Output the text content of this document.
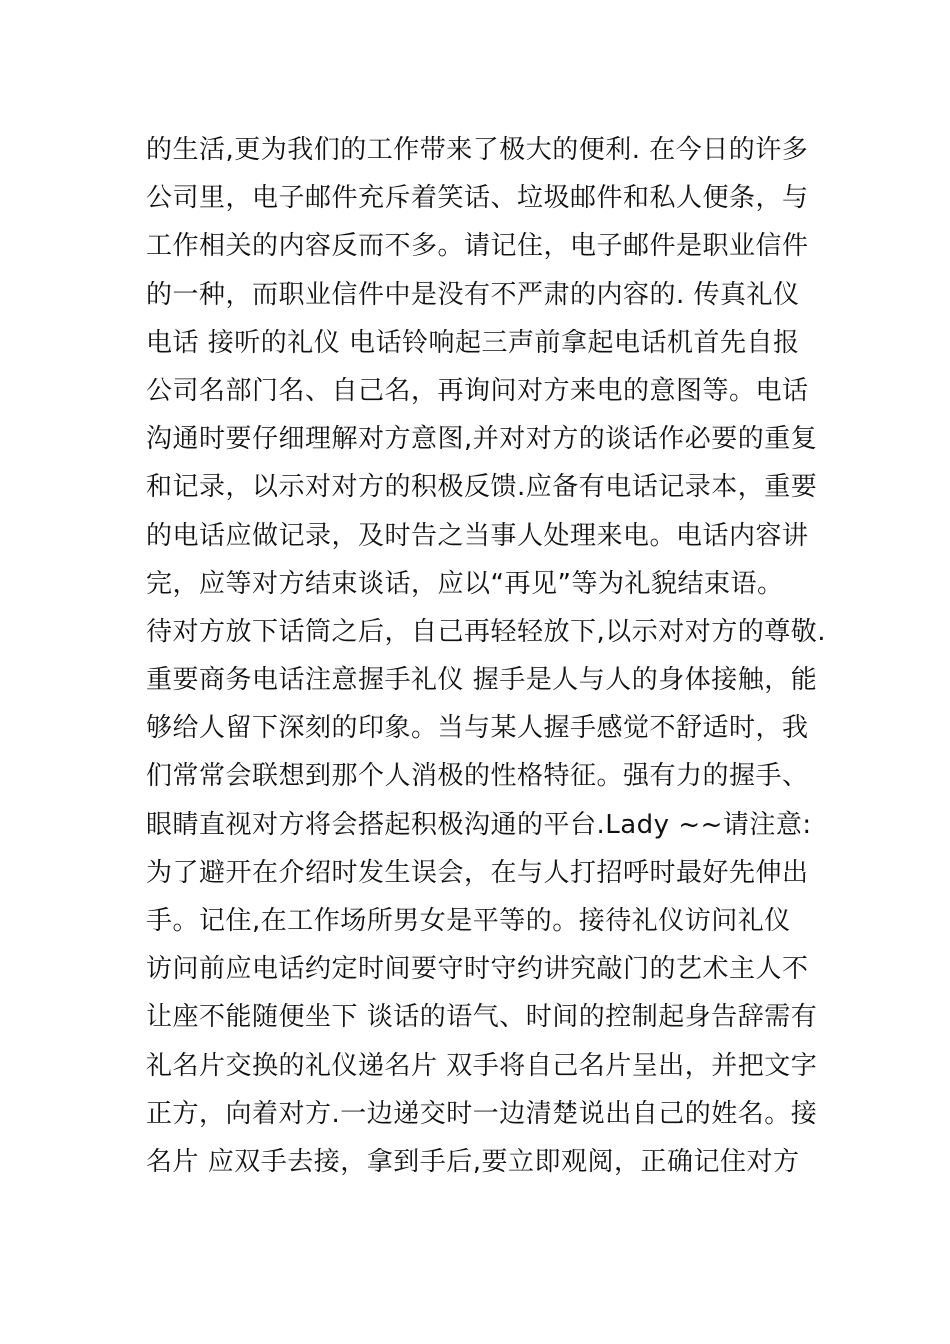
的生活,更为我们的工作带来了极大的便利. 在今日的许多
公司里，电子邮件充斥着笑话、垃圾邮件和私人便条，与
工作相关的内容反而不多。请记住，电子邮件是职业信件
的一种，而职业信件中是没有不严肃的内容的. 传真礼仪
电话 接听的礼仪 电话铃响起三声前拿起电话机首先自报
公司名部门名、自己名，再询问对方来电的意图等。电话
沟通时要仔细理解对方意图,并对对方的谈话作必要的重复
和记录，以示对对方的积极反馈.应备有电话记录本，重要
的电话应做记录，及时告之当事人处理来电。电话内容讲
完，应等对方结束谈话，应以“再见”等为礼貌结束语。
待对方放下话筒之后，自己再轻轻放下,以示对对方的尊敬.
重要商务电话注意握手礼仪 握手是人与人的身体接触，能
够给人留下深刻的印象。当与某人握手感觉不舒适时，我
们常常会联想到那个人消极的性格特征。强有力的握手、
眼睛直视对方将会搭起积极沟通的平台.Lady ~~请注意:
为了避开在介绍时发生误会，在与人打招呼时最好先伸出
手。记住,在工作场所男女是平等的。接待礼仪访问礼仪
访问前应电话约定时间要守时守约讲究敲门的艺术主人不
让座不能随便坐下 谈话的语气、时间的控制起身告辞需有
礼名片交换的礼仪递名片 双手将自己名片呈出，并把文字
正方，向着对方.一边递交时一边清楚说出自己的姓名。接
名片 应双手去接，拿到手后,要立即观阅，正确记住对方
